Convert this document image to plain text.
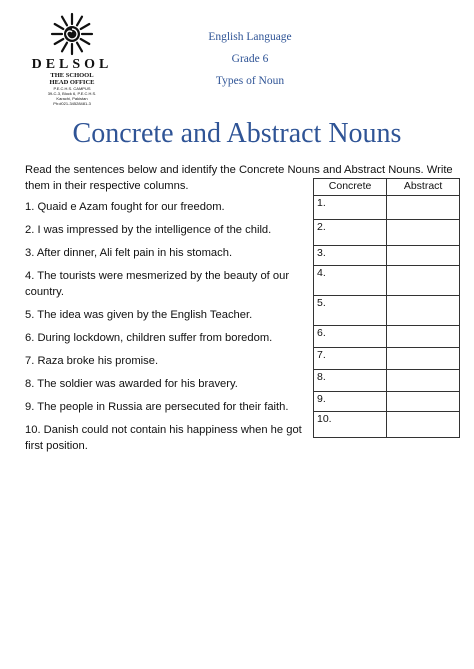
DELSOL
THE SCHOOL
HEAD OFFICE
P.E.C.H.S. CAMPUS
39-C-3, Block 6, P.E.C.H.S.
Karachi, Pakistan
Ph:#021-34528481-3
English Language
Grade 6
Types of Noun
Concrete and Abstract Nouns
Read the sentences below and identify the Concrete Nouns and Abstract Nouns. Write them in their respective columns.
1. Quaid e Azam fought for our freedom.
2. I was impressed by the intelligence of the child.
3. After dinner, Ali felt pain in his stomach.
4. The tourists were mesmerized by the beauty of our country.
5. The idea was given by the English Teacher.
6. During lockdown, children suffer from boredom.
7. Raza broke his promise.
8. The soldier was awarded for his bravery.
9. The people in Russia are persecuted for their faith.
10. Danish could not contain his happiness when he got first position.
Concrete	Abstract
1.	
2.	
3.	
4.	
5.	
6.	
7.	
8.	
9.	
10.	
